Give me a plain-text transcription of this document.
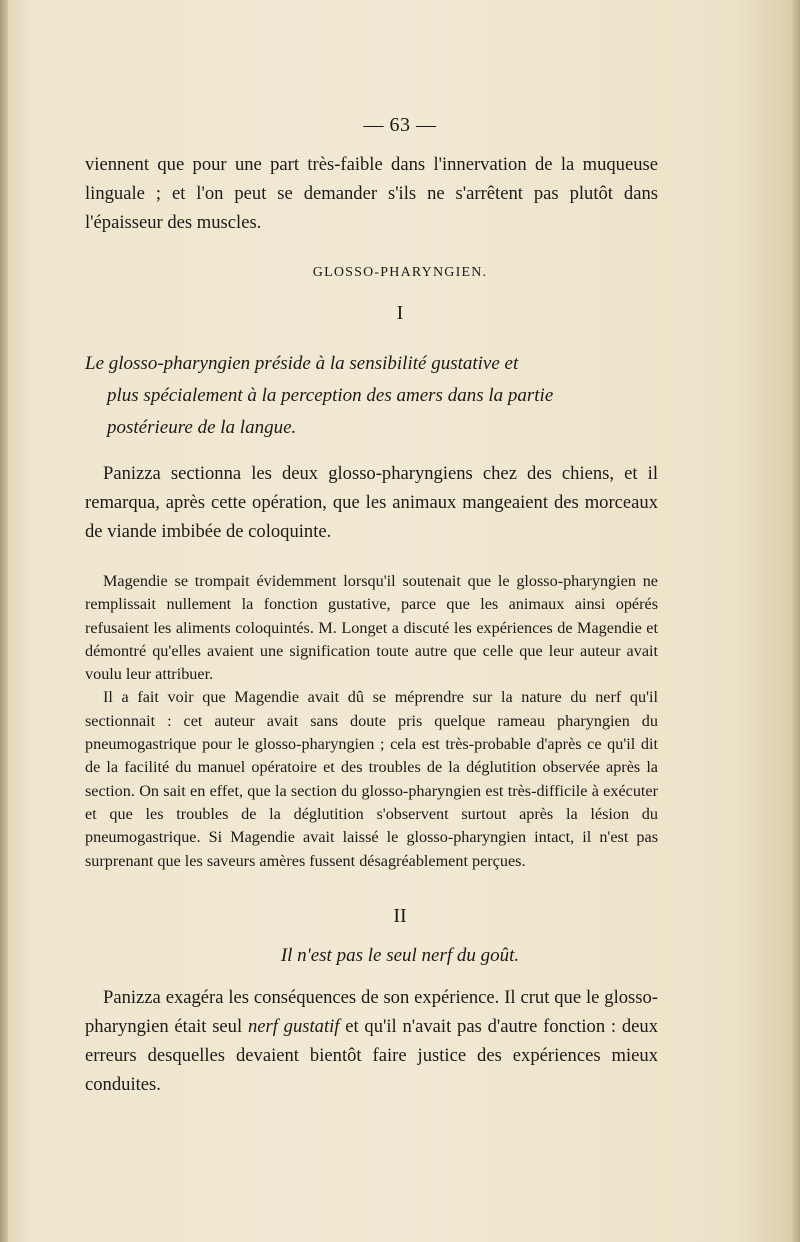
— 63 —

viennent que pour une part très-faible dans l'innervation de la muqueuse linguale ; et l'on peut se demander s'ils ne s'arrêtent pas plutôt dans l'épaisseur des muscles.

GLOSSO-PHARYNGIEN.
I

Le glosso-pharyngien préside à la sensibilité gustative et
plus spécialement à la perception des amers dans la partie
postérieure de la langue.

Panizza sectionna les deux glosso-pharyngiens chez des chiens, et il remarqua, après cette opération, que les animaux mangeaient des morceaux de viande imbibée de coloquinte.

Magendie se trompait évidemment lorsqu'il soutenait que le glosso-pharyngien ne remplissait nullement la fonction gustative, parce que les animaux ainsi opérés refusaient les aliments coloquintés. M. Longet a discuté les expériences de Magendie et démontré qu'elles avaient une signification toute autre que celle que leur auteur avait voulu leur attribuer.

Il a fait voir que Magendie avait dû se méprendre sur la nature du nerf qu'il sectionnait : cet auteur avait sans doute pris quelque rameau pharyngien du pneumogastrique pour le glosso-pharyngien ; cela est très-probable d'après ce qu'il dit de la facilité du manuel opératoire et des troubles de la déglutition observée après la section. On sait en effet, que la section du glosso-pharyngien est très-difficile à exécuter et que les troubles de la déglutition s'observent surtout après la lésion du pneumogastrique. Si Magendie avait laissé le glosso-pharyngien intact, il n'est pas surprenant que les saveurs amères fussent désagréablement perçues.

II
Il n'est pas le seul nerf du goût.

Panizza exagéra les conséquences de son expérience. Il crut que le glosso-pharyngien était seul nerf gustatif et qu'il n'avait pas d'autre fonction : deux erreurs desquelles devaient bientôt faire justice des expériences mieux conduites.
